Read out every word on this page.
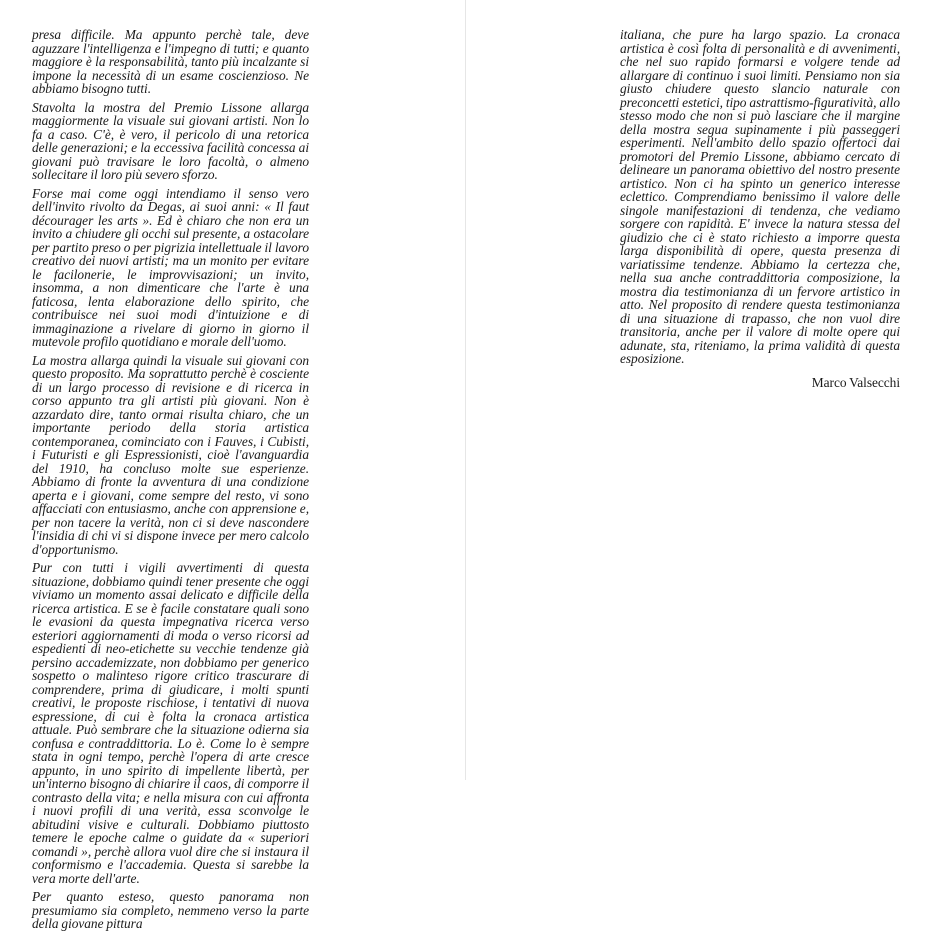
presa difficile. Ma appunto perchè tale, deve aguzzare l'intelligenza e l'impegno di tutti; e quanto maggiore è la responsabilità, tanto più incalzante si impone la necessità di un esame coscienzioso. Ne abbiamo bisogno tutti.

Stavolta la mostra del Premio Lissone allarga maggiormente la visuale sui giovani artisti. Non lo fa a caso. C'è, è vero, il pericolo di una retorica delle generazioni; e la eccessiva facilità concessa ai giovani può travisare le loro facoltà, o almeno sollecitare il loro più severo sforzo.

Forse mai come oggi intendiamo il senso vero dell'invito rivolto da Degas, ai suoi anni: « Il faut décourager les arts ». Ed è chiaro che non era un invito a chiudere gli occhi sul presente, a ostacolare per partito preso o per pigrizia intellettuale il lavoro creativo dei nuovi artisti; ma un monito per evitare le facilonerie, le improvvisazioni; un invito, insomma, a non dimenticare che l'arte è una faticosa, lenta elaborazione dello spirito, che contribuisce nei suoi modi d'intuizione e di immaginazione a rivelare di giorno in giorno il mutevole profilo quotidiano e morale dell'uomo.

La mostra allarga quindi la visuale sui giovani con questo proposito. Ma soprattutto perchè è cosciente di un largo processo di revisione e di ricerca in corso appunto tra gli artisti più giovani. Non è azzardato dire, tanto ormai risulta chiaro, che un importante periodo della storia artistica contemporanea, cominciato con i Fauves, i Cubisti, i Futuristi e gli Espressionisti, cioè l'avanguardia del 1910, ha concluso molte sue esperienze. Abbiamo di fronte la avventura di una condizione aperta e i giovani, come sempre del resto, vi sono affacciati con entusiasmo, anche con apprensione e, per non tacere la verità, non ci si deve nascondere l'insidia di chi vi si dispone invece per mero calcolo d'opportunismo.

Pur con tutti i vigili avvertimenti di questa situazione, dobbiamo quindi tener presente che oggi viviamo un momento assai delicato e difficile della ricerca artistica. E se è facile constatare quali sono le evasioni da questa impegnativa ricerca verso esteriori aggiornamenti di moda o verso ricorsi ad espedienti di neo-etichette su vecchie tendenze già persino accademizzate, non dobbiamo per generico sospetto o malinteso rigore critico trascurare di comprendere, prima di giudicare, i molti spunti creativi, le proposte rischiose, i tentativi di nuova espressione, di cui è folta la cronaca artistica attuale. Può sembrare che la situazione odierna sia confusa e contraddittoria. Lo è. Come lo è sempre stata in ogni tempo, perchè l'opera di arte cresce appunto, in uno spirito di impellente libertà, per un'interno bisogno di chiarire il caos, di comporre il contrasto della vita; e nella misura con cui affronta i nuovi profili di una verità, essa sconvolge le abitudini visive e culturali. Dobbiamo piuttosto temere le epoche calme o guidate da « superiori comandi », perchè allora vuol dire che si instaura il conformismo e l'accademia. Questa si sarebbe la vera morte dell'arte.

Per quanto esteso, questo panorama non presumiamo sia completo, nemmeno verso la parte della giovane pittura

italiana, che pure ha largo spazio. La cronaca artistica è così folta di personalità e di avvenimenti, che nel suo rapido formarsi e volgere tende ad allargare di continuo i suoi limiti. Pensiamo non sia giusto chiudere questo slancio naturale con preconcetti estetici, tipo astrattismo-figuratività, allo stesso modo che non si può lasciare che il margine della mostra segua supinamente i più passeggeri esperimenti. Nell'ambito dello spazio offertoci dai promotori del Premio Lissone, abbiamo cercato di delineare un panorama obiettivo del nostro presente artistico. Non ci ha spinto un generico interesse eclettico. Comprendiamo benissimo il valore delle singole manifestazioni di tendenza, che vediamo sorgere con rapidità. E' invece la natura stessa del giudizio che ci è stato richiesto a imporre questa larga disponibilità di opere, questa presenza di variatissime tendenze. Abbiamo la certezza che, nella sua anche contraddittoria composizione, la mostra dia testimonianza di un fervore artistico in atto. Nel proposito di rendere questa testimonianza di una situazione di trapasso, che non vuol dire transitoria, anche per il valore di molte opere qui adunate, sta, riteniamo, la prima validità di questa esposizione.

Marco Valsecchi
